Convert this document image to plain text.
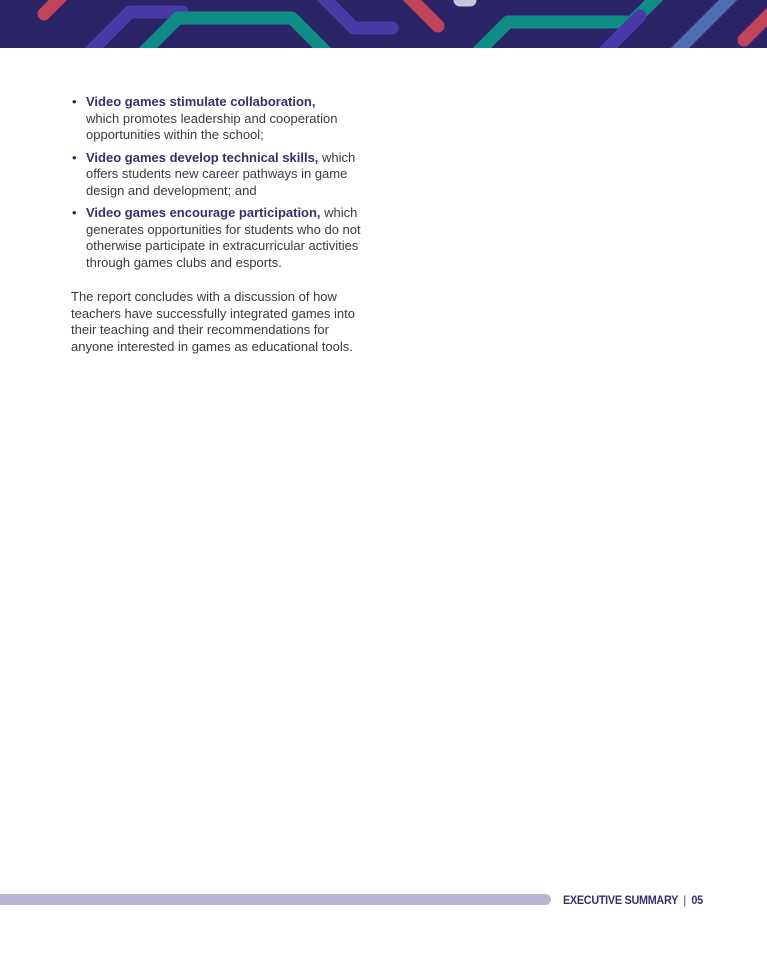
• Video games stimulate collaboration,
which promotes leadership and cooperation opportunities within the school;
• Video games develop technical skills, which offers students new career pathways in game design and development; and
• Video games encourage participation, which generates opportunities for students who do not otherwise participate in extracurricular activities through games clubs and esports.

The report concludes with a discussion of how teachers have successfully integrated games into their teaching and their recommendations for anyone interested in games as educational tools.

EXECUTIVE SUMMARY | 05
